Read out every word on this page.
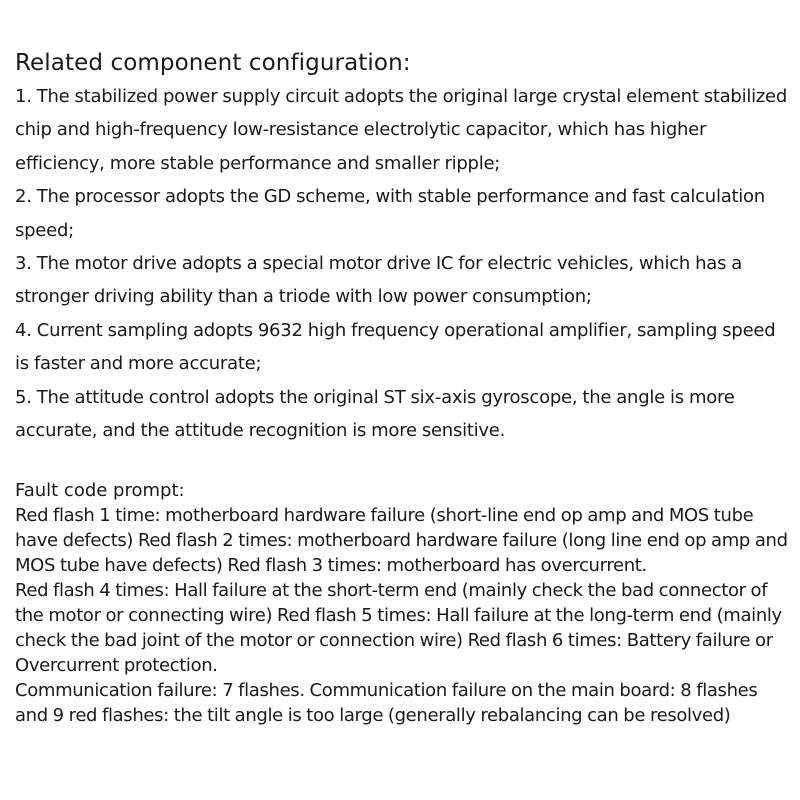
Related component configuration:
1. The stabilized power supply circuit adopts the original large crystal element stabilized chip and high-frequency low-resistance electrolytic capacitor, which has higher efficiency, more stable performance and smaller ripple;
2. The processor adopts the GD scheme, with stable performance and fast calculation speed;
3. The motor drive adopts a special motor drive IC for electric vehicles, which has a stronger driving ability than a triode with low power consumption;
4. Current sampling adopts 9632 high frequency operational amplifier, sampling speed is faster and more accurate;
5. The attitude control adopts the original ST six-axis gyroscope, the angle is more accurate, and the attitude recognition is more sensitive.

Fault code prompt:

Red flash 1 time: motherboard hardware failure (short-line end op amp and MOS tube have defects) Red flash 2 times: motherboard hardware failure (long line end op amp and MOS tube have defects) Red flash 3 times: motherboard has overcurrent.

Red flash 4 times: Hall failure at the short-term end (mainly check the bad connector of the motor or connecting wire) Red flash 5 times: Hall failure at the long-term end (mainly check the bad joint of the motor or connection wire) Red flash 6 times: Battery failure or Overcurrent protection.

Communication failure: 7 flashes. Communication failure on the main board: 8 flashes and 9 red flashes: the tilt angle is too large (generally rebalancing can be resolved)
